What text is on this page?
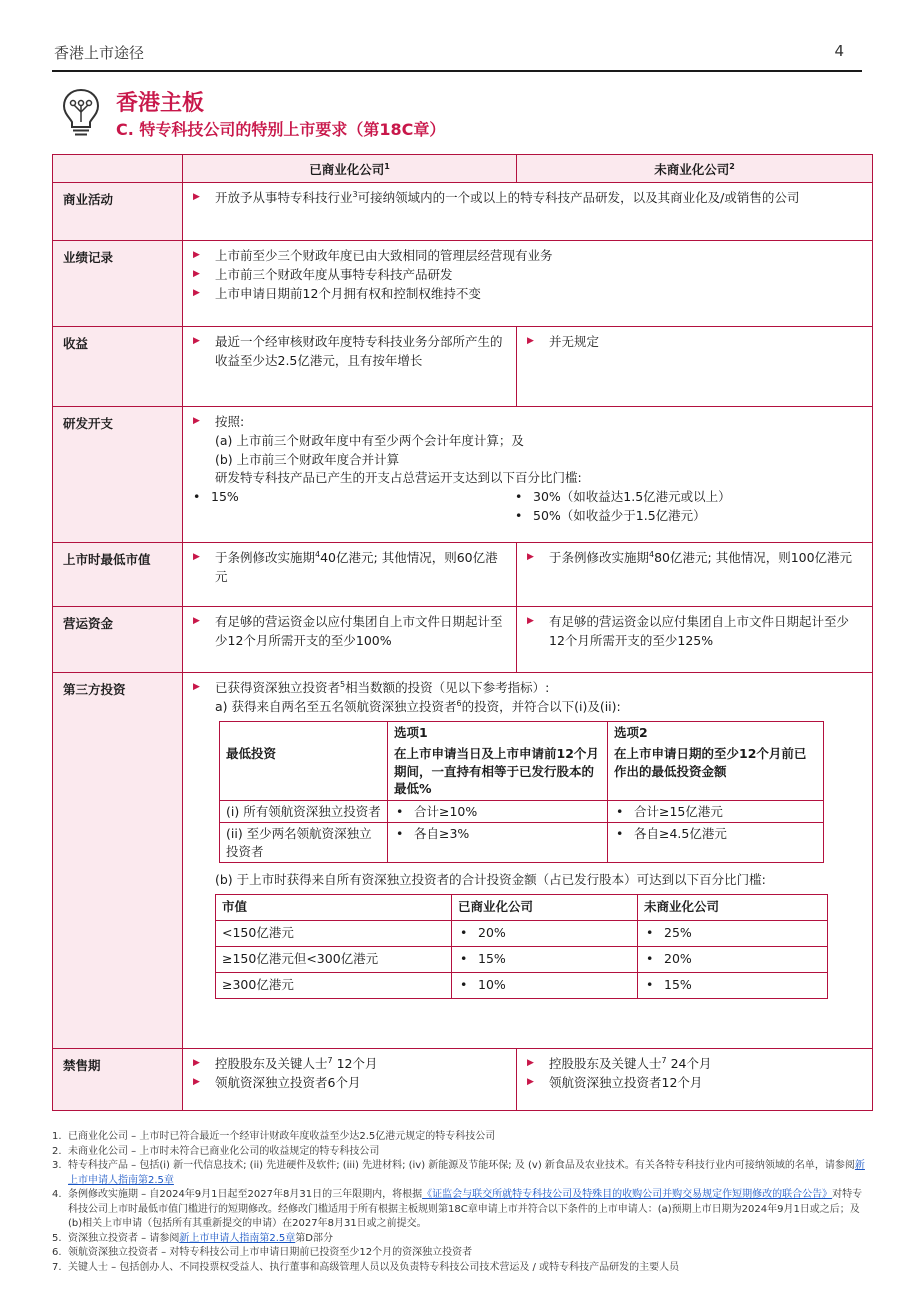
香港上市途径	4
香港主板
C. 特专科技公司的特别上市要求（第18C章）
	已商业化公司$^1$	未商业化公司$^2$
商业活动	
▶开放予从事特专科技行业$^3$可接纳领域内的一个或以上的特专科技产品研发，以及其商业化及/或销售的公司

业绩记录	
▶上市前至少三个财政年度已由大致相同的管理层经营现有业务
▶ 上市前三个财政年度从事特专科技产品研发
▶ 上市申请日期前12个月拥有权和控制权维持不变

收益	
▶最近一个经审核财政年度特专科技业务分部所产生的收益至少达2.5亿港元，且有按年增长

▶ 并无规定

研发开支	
▶按照:
(a) 上市前三个财政年度中有至少两个会计年度计算；及
(b) 上市前三个财政年度合并计算
研发特专科技产品已产生的开支占总营运开支达到以下百分比门槛:
• 15%
•	30%（如收益达1.5亿港元或以上）
• 50%（如收益少于1.5亿港元）

上市时最低市值	
▶于条例修改实施期$^4$40亿港元; 其他情况，则60亿港元

▶ 于条例修改实施期$^4$80亿港元; 其他情况，则100亿港元

营运资金	
▶有足够的营运资金以应付集团自上市文件日期起计至少12个月所需开支的至少100%

▶ 有足够的营运资金以应付集团自上市文件日期起计至少12个月所需开支的至少125%

第三方投资	
▶已获得资深独立投资者$^5$相当数额的投资（见以下参考指标）:
a) 获得来自两名至五名领航资深独立投资者$^6$的投资，并符合以下(i)及(ii):
	选项1	选项2
最低投资	在上市申请当日及上市申请前12个月期间，一直持有相等于已发行股本的最低%	在上市申请日期的至少12个月前已作出的最低投资金额
(i) 所有领航资深独立投资者	
•合计≥10%

•合计≥15亿港元

(ii) 至少两名领航资深独立投资者	
• 各自≥3%

•各自≥4.5亿港元
(b) 于上市时获得来自所有资深独立投资者的合计投资金额（占已发行股本）可达到以下百分比门槛:
市值	已商业化公司	未商业化公司
<150亿港元	
•20%

•25%

≥150亿港元但<300亿港元	
•15%

•20%

≥300亿港元	
•10%

•15%

禁售期	
▶控股股东及关键人士$^7$ 12个月
▶ 领航资深独立投资者6个月

▶ 控股股东及关键人士$^7$ 24个月
▶ 领航资深独立投资者12个月
1. 已商业化公司 – 上市时已符合最近一个经审计财政年度收益至少达2.5亿港元规定的特专科技公司
2. 未商业化公司 – 上市时未符合已商业化公司的收益规定的特专科技公司
3. 特专科技产品 – 包括(i) 新一代信息技术; (ii) 先进硬件及软件; (iii) 先进材料; (iv) 新能源及节能环保; 及 (v) 新食品及农业技术。有关各特专科技行业内可接纳领域的名单，请参阅新上市申请人指南第2.5章
4. 条例修改实施期 – 自2024年9月1日起至2027年8月31日的三年限期内，将根据《证监会与联交所就特专科技公司及特殊目的收购公司并购交易规定作短期修改的联合公告》对特专科技公司上市时最低市值门槛进行的短期修改。经修改门槛适用于所有根据主板规则第18C章申请上市并符合以下条件的上市申请人：(a)预期上市日期为2024年9月1日或之后；及(b)相关上市申请（包括所有其重新提交的申请）在2027年8月31日或之前提交。
5. 资深独立投资者 – 请参阅新上市申请人指南第2.5章第D部分
6. 领航资深独立投资者 – 对特专科技公司上市申请日期前已投资至少12个月的资深独立投资者
7. 关键人士 – 包括创办人、不同投票权受益人、执行董事和高级管理人员以及负责特专科技公司技术营运及 / 或特专科技产品研发的主要人员
